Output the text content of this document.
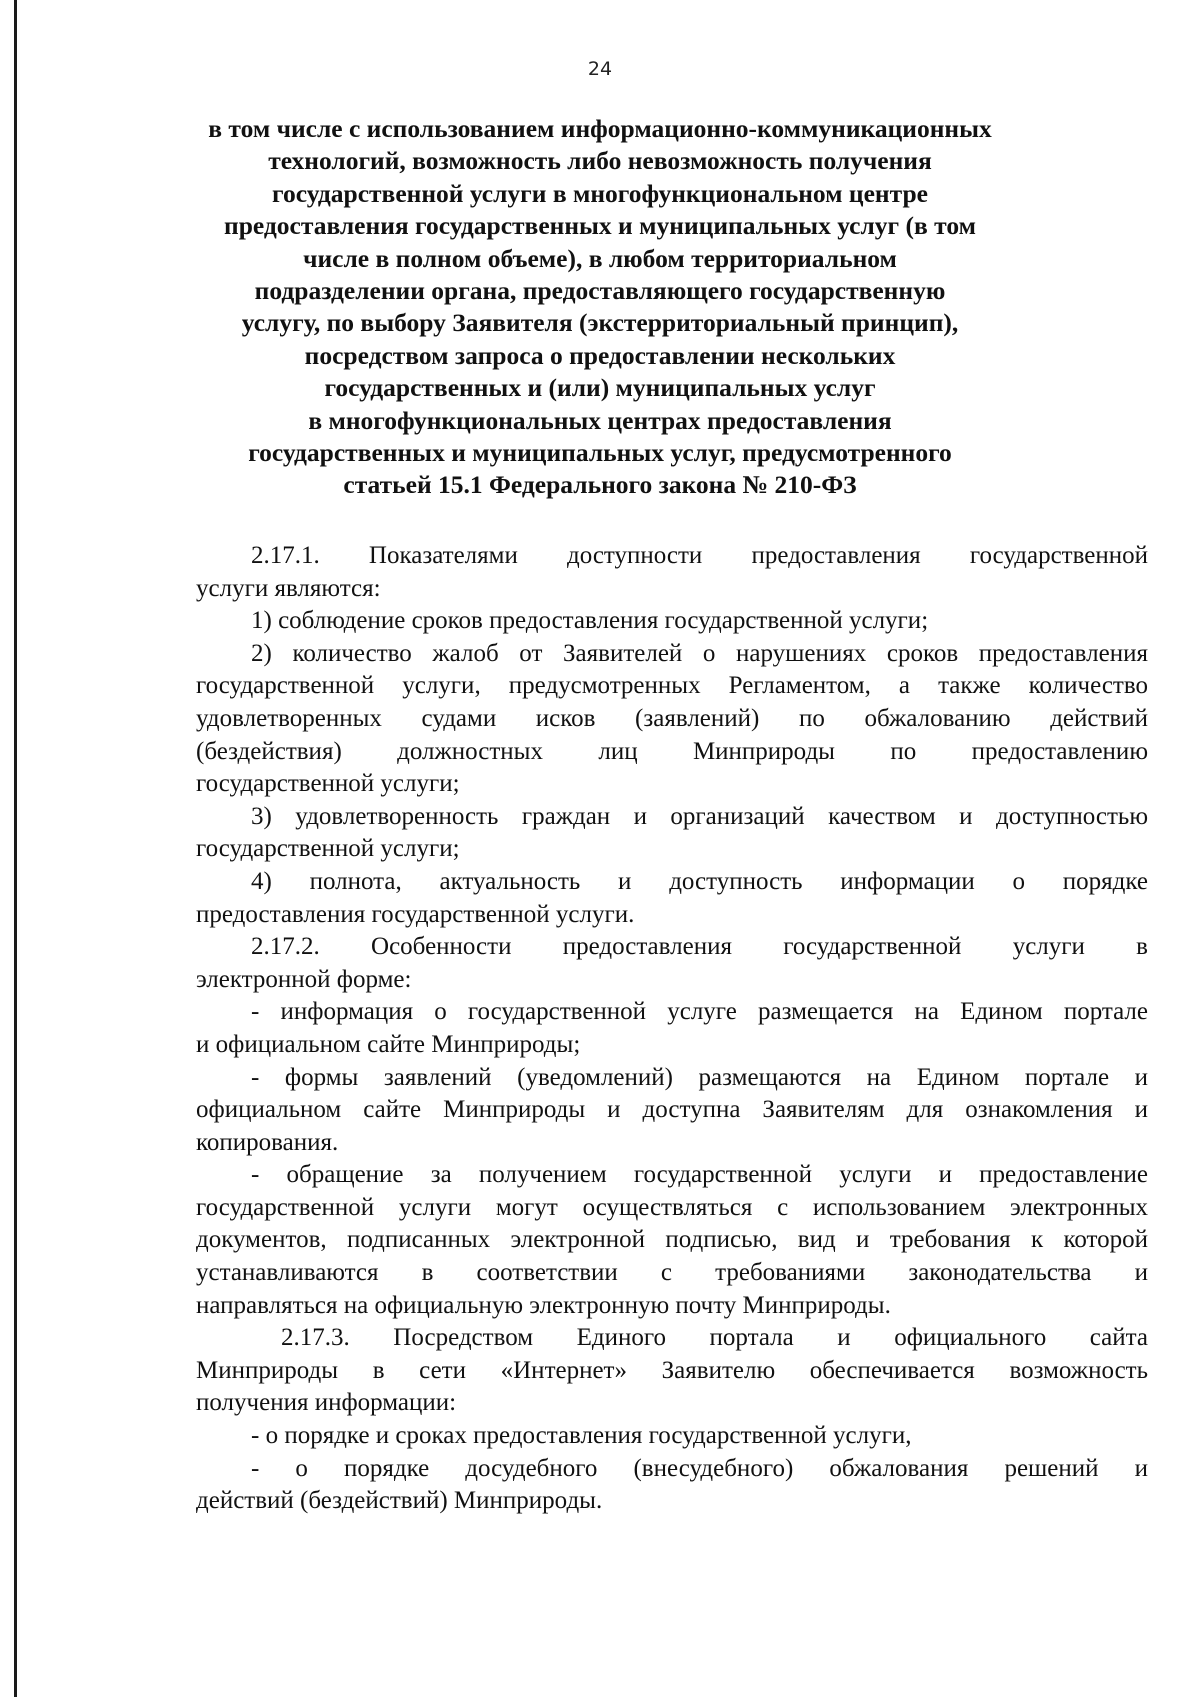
24
в том числе с использованием информационно-коммуникационных
технологий, возможность либо невозможность получения
государственной услуги в многофункциональном центре
предоставления государственных и муниципальных услуг (в том
числе в полном объеме), в любом территориальном
подразделении органа, предоставляющего государственную
услугу, по выбору Заявителя (экстерриториальный принцип),
посредством запроса о предоставлении нескольких
государственных и (или) муниципальных услуг
в многофункциональных центрах предоставления
государственных и муниципальных услуг, предусмотренного
статьей 15.1 Федерального закона № 210-ФЗ
2.17.1. Показателями доступности предоставления государственной
услуги являются:
1) соблюдение сроков предоставления государственной услуги;
2) количество жалоб от Заявителей о нарушениях сроков предоставления
государственной услуги, предусмотренных Регламентом, а также количество
удовлетворенных судами исков (заявлений) по обжалованию действий
(бездействия) должностных лиц Минприроды по предоставлению
государственной услуги;
3) удовлетворенность граждан и организаций качеством и доступностью
государственной услуги;
4) полнота, актуальность и доступность информации о порядке
предоставления государственной услуги.
2.17.2. Особенности предоставления государственной услуги в
электронной форме:
- информация о государственной услуге размещается на Едином портале
и официальном сайте Минприроды;
- формы заявлений (уведомлений) размещаются на Едином портале и
официальном сайте Минприроды и доступна Заявителям для ознакомления и
копирования.
- обращение за получением государственной услуги и предоставление
государственной услуги могут осуществляться с использованием электронных
документов, подписанных электронной подписью, вид и требования к которой
устанавливаются в соответствии с требованиями законодательства и
направляться на официальную электронную почту Минприроды.
2.17.3. Посредством Единого портала и официального сайта
Минприроды в сети «Интернет» Заявителю обеспечивается возможность
получения информации:
- о порядке и сроках предоставления государственной услуги,
- о порядке досудебного (внесудебного) обжалования решений и
действий (бездействий) Минприроды.
